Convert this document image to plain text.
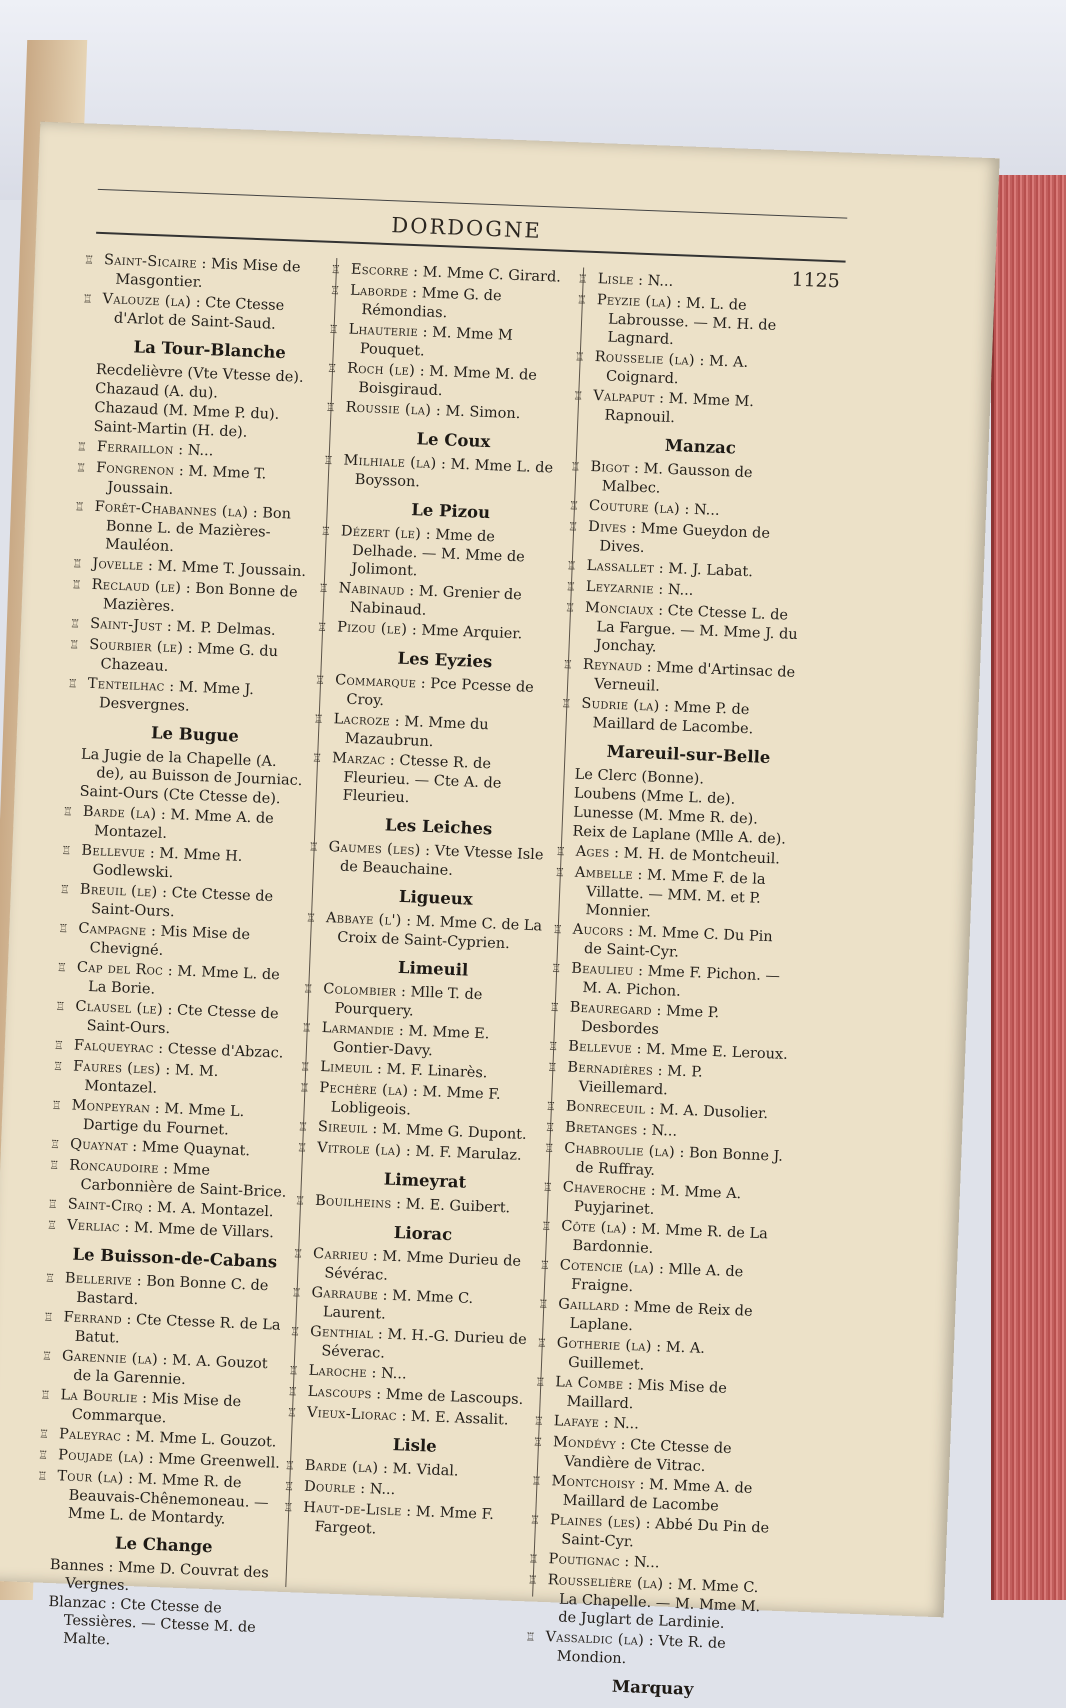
DORDOGNE
1125
♖ Saint-Sicaire : Mis Mise de Masgontier.
♖ Valouze (la) : Cte Ctesse d'Arlot de Saint-Saud.
La Tour-Blanche
Recdelièvre (Vte Vtesse de).
Chazaud (A. du).
Chazaud (M. Mme P. du).
Saint-Martin (H. de).
♖ Ferraillon : N...
♖ Fongrenon : M. Mme T. Joussain.
♖ Forêt-Chabannes (la) : Bon Bonne L. de Mazières-Mauléon.
♖ Jovelle : M. Mme T. Joussain.
♖ Reclaud (le) : Bon Bonne de Mazières.
♖ Saint-Just : M. P. Delmas.
♖ Sourbier (le) : Mme G. du Chazeau.
♖ Tenteilhac : M. Mme J. Desvergnes.
Le Bugue
La Jugie de la Chapelle (A. de), au Buisson de Journiac.
Saint-Ours (Cte Ctesse de).
♖ Barde (la) : M. Mme A. de Montazel.
♖ Bellevue : M. Mme H. Godlewski.
♖ Breuil (le) : Cte Ctesse de Saint-Ours.
♖ Campagne : Mis Mise de Chevigné.
♖ Cap del Roc : M. Mme L. de La Borie.
♖ Clausel (le) : Cte Ctesse de Saint-Ours.
♖ Falqueyrac : Ctesse d'Abzac.
♖ Faures (les) : M. M. Montazel.
♖ Monpeyran : M. Mme L. Dartige du Fournet.
♖ Quaynat : Mme Quaynat.
♖ Roncaudoire : Mme Carbonnière de Saint-Brice.
♖ Saint-Cirq : M. A. Montazel.
♖ Verliac : M. Mme de Villars.
Le Buisson-de-Cabans
♖ Bellerive : Bon Bonne C. de Bastard.
♖ Ferrand : Cte Ctesse R. de La Batut.
♖ Garennie (la) : M. A. Gouzot de la Garennie.
♖ La Bourlie : Mis Mise de Commarque.
♖ Paleyrac : M. Mme L. Gouzot.
♖ Poujade (la) : Mme Greenwell.
♖ Tour (la) : M. Mme R. de Beauvais-Chênemoneau. — Mme L. de Montardy.
Le Change
Bannes : Mme D. Couvrat des Vergnes.
Blanzac : Cte Ctesse de Tessières. — Ctesse M. de Malte.
♖ Escorre : M. Mme C. Girard.
♖ Laborde : Mme G. de Rémondias.
♖ Lhauterie : M. Mme M Pouquet.
♖ Roch (le) : M. Mme M. de Boisgiraud.
♖ Roussie (la) : M. Simon.
Le Coux
♖ Milhiale (la) : M. Mme L. de Boysson.
Le Pizou
♖ Dézert (le) : Mme de Delhade. — M. Mme de Jolimont.
♖ Nabinaud : M. Grenier de Nabinaud.
♖ Pizou (le) : Mme Arquier.
Les Eyzies
♖ Commarque : Pce Pcesse de Croy.
♖ Lacroze : M. Mme du Mazaubrun.
♖ Marzac : Ctesse R. de Fleurieu. — Cte A. de Fleurieu.
Les Leiches
♖ Gaumes (les) : Vte Vtesse Isle de Beauchaine.
Ligueux
♖ Abbaye (l') : M. Mme C. de La Croix de Saint-Cyprien.
Limeuil
♖ Colombier : Mlle T. de Pourquery.
♖ Larmandie : M. Mme E. Gontier-Davy.
♖ Limeuil : M. F. Linarès.
♖ Pechère (la) : M. Mme F. Lobligeois.
♖ Sireuil : M. Mme G. Dupont.
♖ Vitrole (la) : M. F. Marulaz.
Limeyrat
♖ Bouilheins : M. E. Guibert.
Liorac
♖ Carrieu : M. Mme Durieu de Sévérac.
♖ Garraube : M. Mme C. Laurent.
♖ Genthial : M. H.-G. Durieu de Séverac.
♖ Laroche : N...
♖ Lascoups : Mme de Lascoups.
♖ Vieux-Liorac : M. E. Assalit.
Lisle
♖ Barde (la) : M. Vidal.
♖ Dourle : N...
♖ Haut-de-Lisle : M. Mme F. Fargeot.
♖ Lisle : N...
♖ Peyzie (la) : M. L. de Labrousse. — M. H. de Lagnard.
♖ Rousselie (la) : M. A. Coignard.
♖ Valpaput : M. Mme M. Rapnouil.
Manzac
♖ Bigot : M. Gausson de Malbec.
♖ Couture (la) : N...
♖ Dives : Mme Gueydon de Dives.
♖ Lassallet : M. J. Labat.
♖ Leyzarnie : N...
♖ Monciaux : Cte Ctesse L. de La Fargue. — M. Mme J. du Jonchay.
♖ Reynaud : Mme d'Artinsac de Verneuil.
♖ Sudrie (la) : Mme P. de Maillard de Lacombe.
Mareuil-sur-Belle
Le Clerc (Bonne).
Loubens (Mme L. de).
Lunesse (M. Mme R. de).
Reix de Laplane (Mlle A. de).
♖ Ages : M. H. de Montcheuil.
♖ Ambelle : M. Mme F. de la Villatte. — MM. M. et P. Monnier.
♖ Aucors : M. Mme C. Du Pin de Saint-Cyr.
♖ Beaulieu : Mme F. Pichon. — M. A. Pichon.
♖ Beauregard : Mme P. Desbordes
♖ Bellevue : M. Mme E. Leroux.
♖ Bernadières : M. P. Vieillemard.
♖ Bonreceuil : M. A. Dusolier.
♖ Bretanges : N...
♖ Chabroulie (la) : Bon Bonne J. de Ruffray.
♖ Chaveroche : M. Mme A. Puyjarinet.
♖ Côte (la) : M. Mme R. de La Bardonnie.
♖ Cotencie (la) : Mlle A. de Fraigne.
♖ Gaillard : Mme de Reix de Laplane.
♖ Gotherie (la) : M. A. Guillemet.
♖ La Combe : Mis Mise de Maillard.
♖ Lafaye : N...
♖ Mondévy : Cte Ctesse de Vandière de Vitrac.
♖ Montchoisy : M. Mme A. de Maillard de Lacombe
♖ Plaines (les) : Abbé Du Pin de Saint-Cyr.
♖ Poutignac : N...
♖ Rousselière (la) : M. Mme C. La Chapelle. — M. Mme M. de Juglart de Lardinie.
♖ Vassaldic (la) : Vte R. de Mondion.
Marquay
